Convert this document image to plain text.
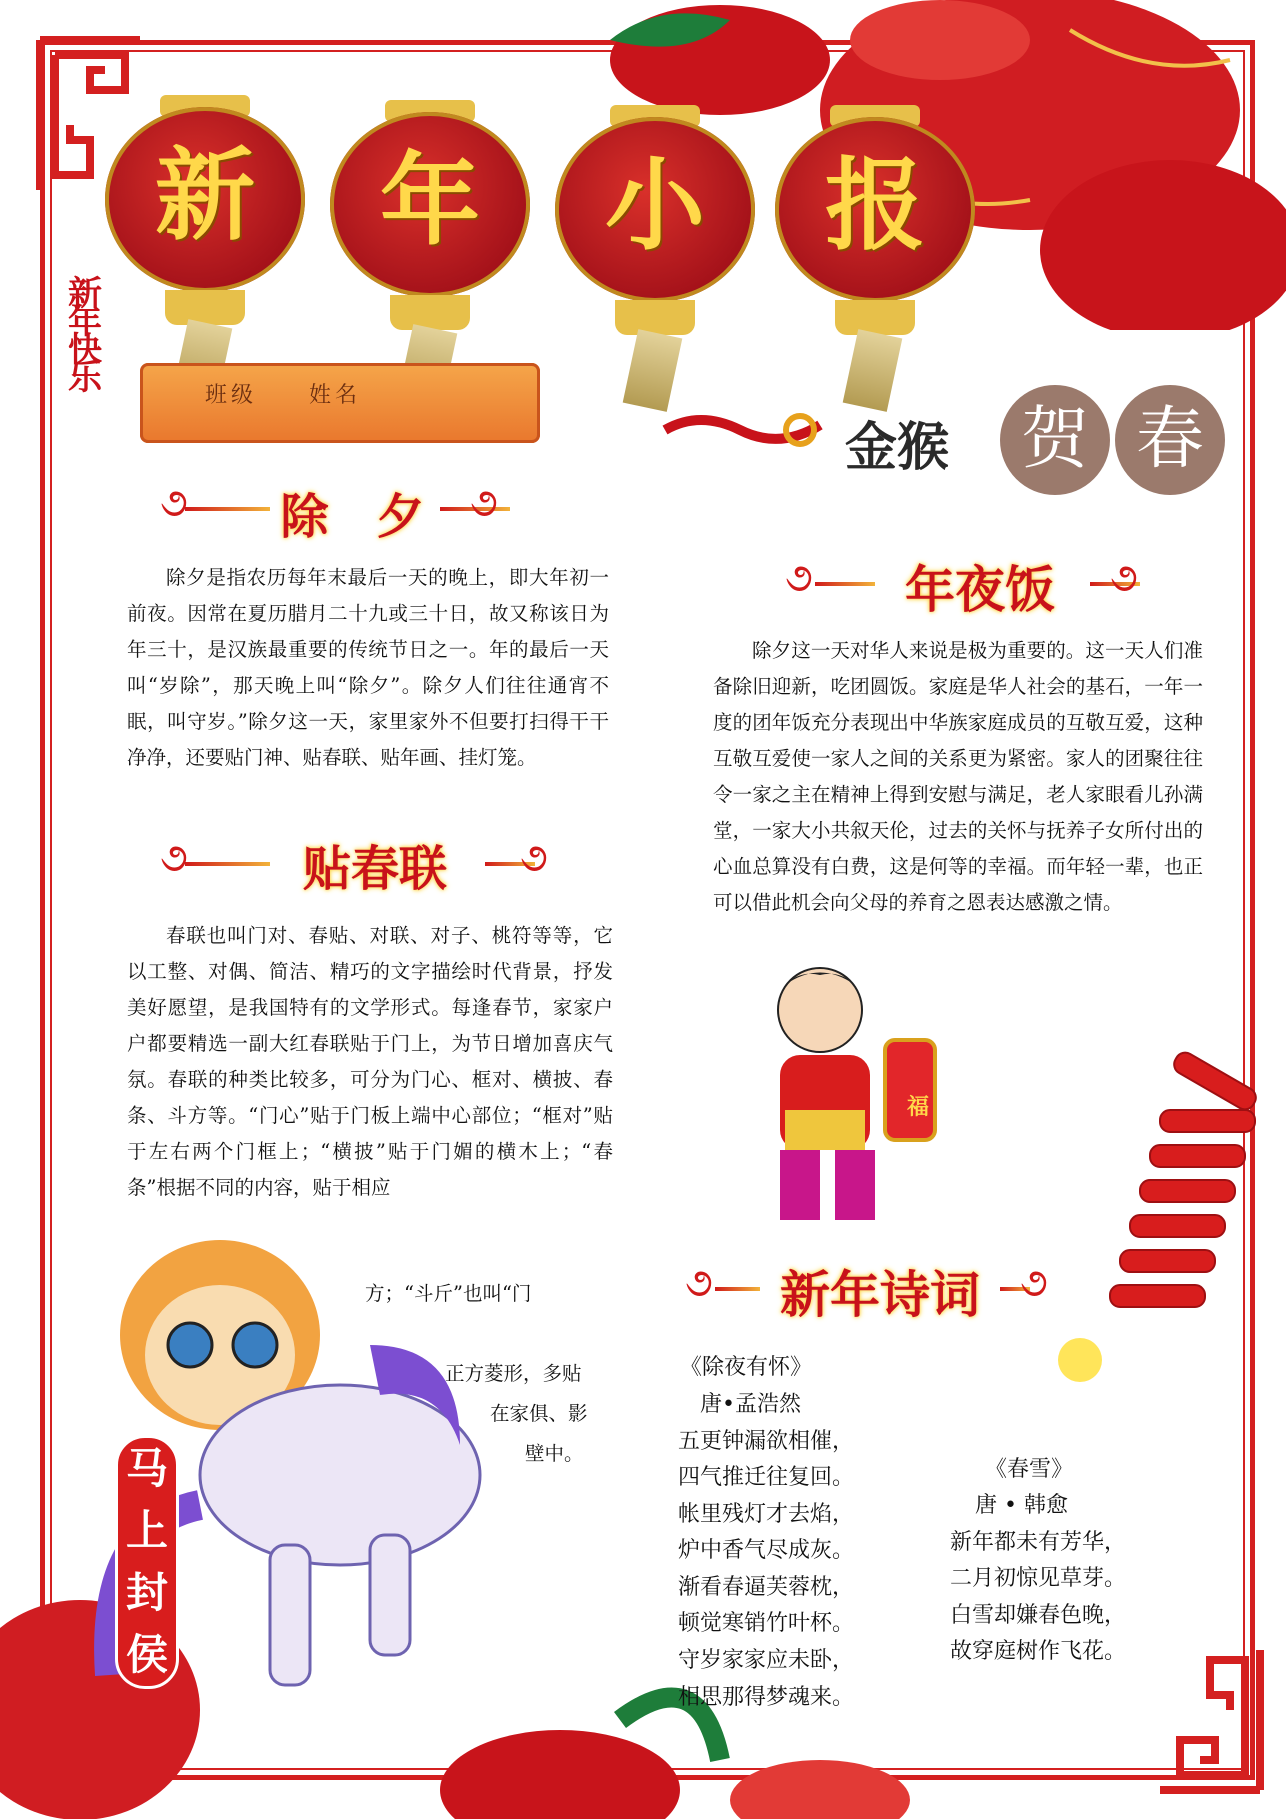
新	年	小	报
新年快乐	班级　　姓名
金猴	贺 春
૭	除　夕	૭

除夕是指农历每年末最后一天的晚上，即大年初一前夜。因常在夏历腊月二十九或三十日，故又称该日为年三十，是汉族最重要的传统节日之一。年的最后一天叫“岁除”，那天晚上叫“除夕”。除夕人们往往通宵不眠，叫守岁。”除夕这一天，家里家外不但要打扫得干干净净，还要贴门神、贴春联、贴年画、挂灯笼。

૭	贴春联	૭

春联也叫门对、春贴、对联、对子、桃符等等，它以工整、对偶、简洁、精巧的文字描绘时代背景，抒发美好愿望，是我国特有的文学形式。每逢春节，家家户户都要精选一副大红春联贴于门上，为节日增加喜庆气氛。春联的种类比较多，可分为门心、框对、横披、春条、斗方等。“门心”贴于门板上端中心部位；“框对”贴于左右两个门框上；“横披”贴于门媚的横木上；“春条”根据不同的内容，贴于相应

方；“斗斤”也叫“门
正方菱形，多贴
在家俱、影
壁中。
૭	年夜饭	૭

除夕这一天对华人来说是极为重要的。这一天人们准备除旧迎新，吃团圆饭。家庭是华人社会的基石，一年一度的团年饭充分表现出中华族家庭成员的互敬互爱，这种互敬互爱使一家人之间的关系更为紧密。家人的团聚往往令一家之主在精神上得到安慰与满足，老人家眼看儿孙满堂，一家大小共叙天伦，过去的关怀与抚养子女所付出的心血总算没有白费，这是何等的幸福。而年轻一辈，也正可以借此机会向父母的养育之恩表达感激之情。

福
૭	新年诗词	૭
《除夜有怀》
唐•孟浩然
五更钟漏欲相催，
四气推迁往复回。
帐里残灯才去焰，
炉中香气尽成灰。
渐看春逼芙蓉枕，
顿觉寒销竹叶杯。
守岁家家应未卧，
相思那得梦魂来。
《春雪》
唐 • 韩愈
新年都未有芳华，
二月初惊见草芽。
白雪却嫌春色晚，
故穿庭树作飞花。
马
上
封
侯
